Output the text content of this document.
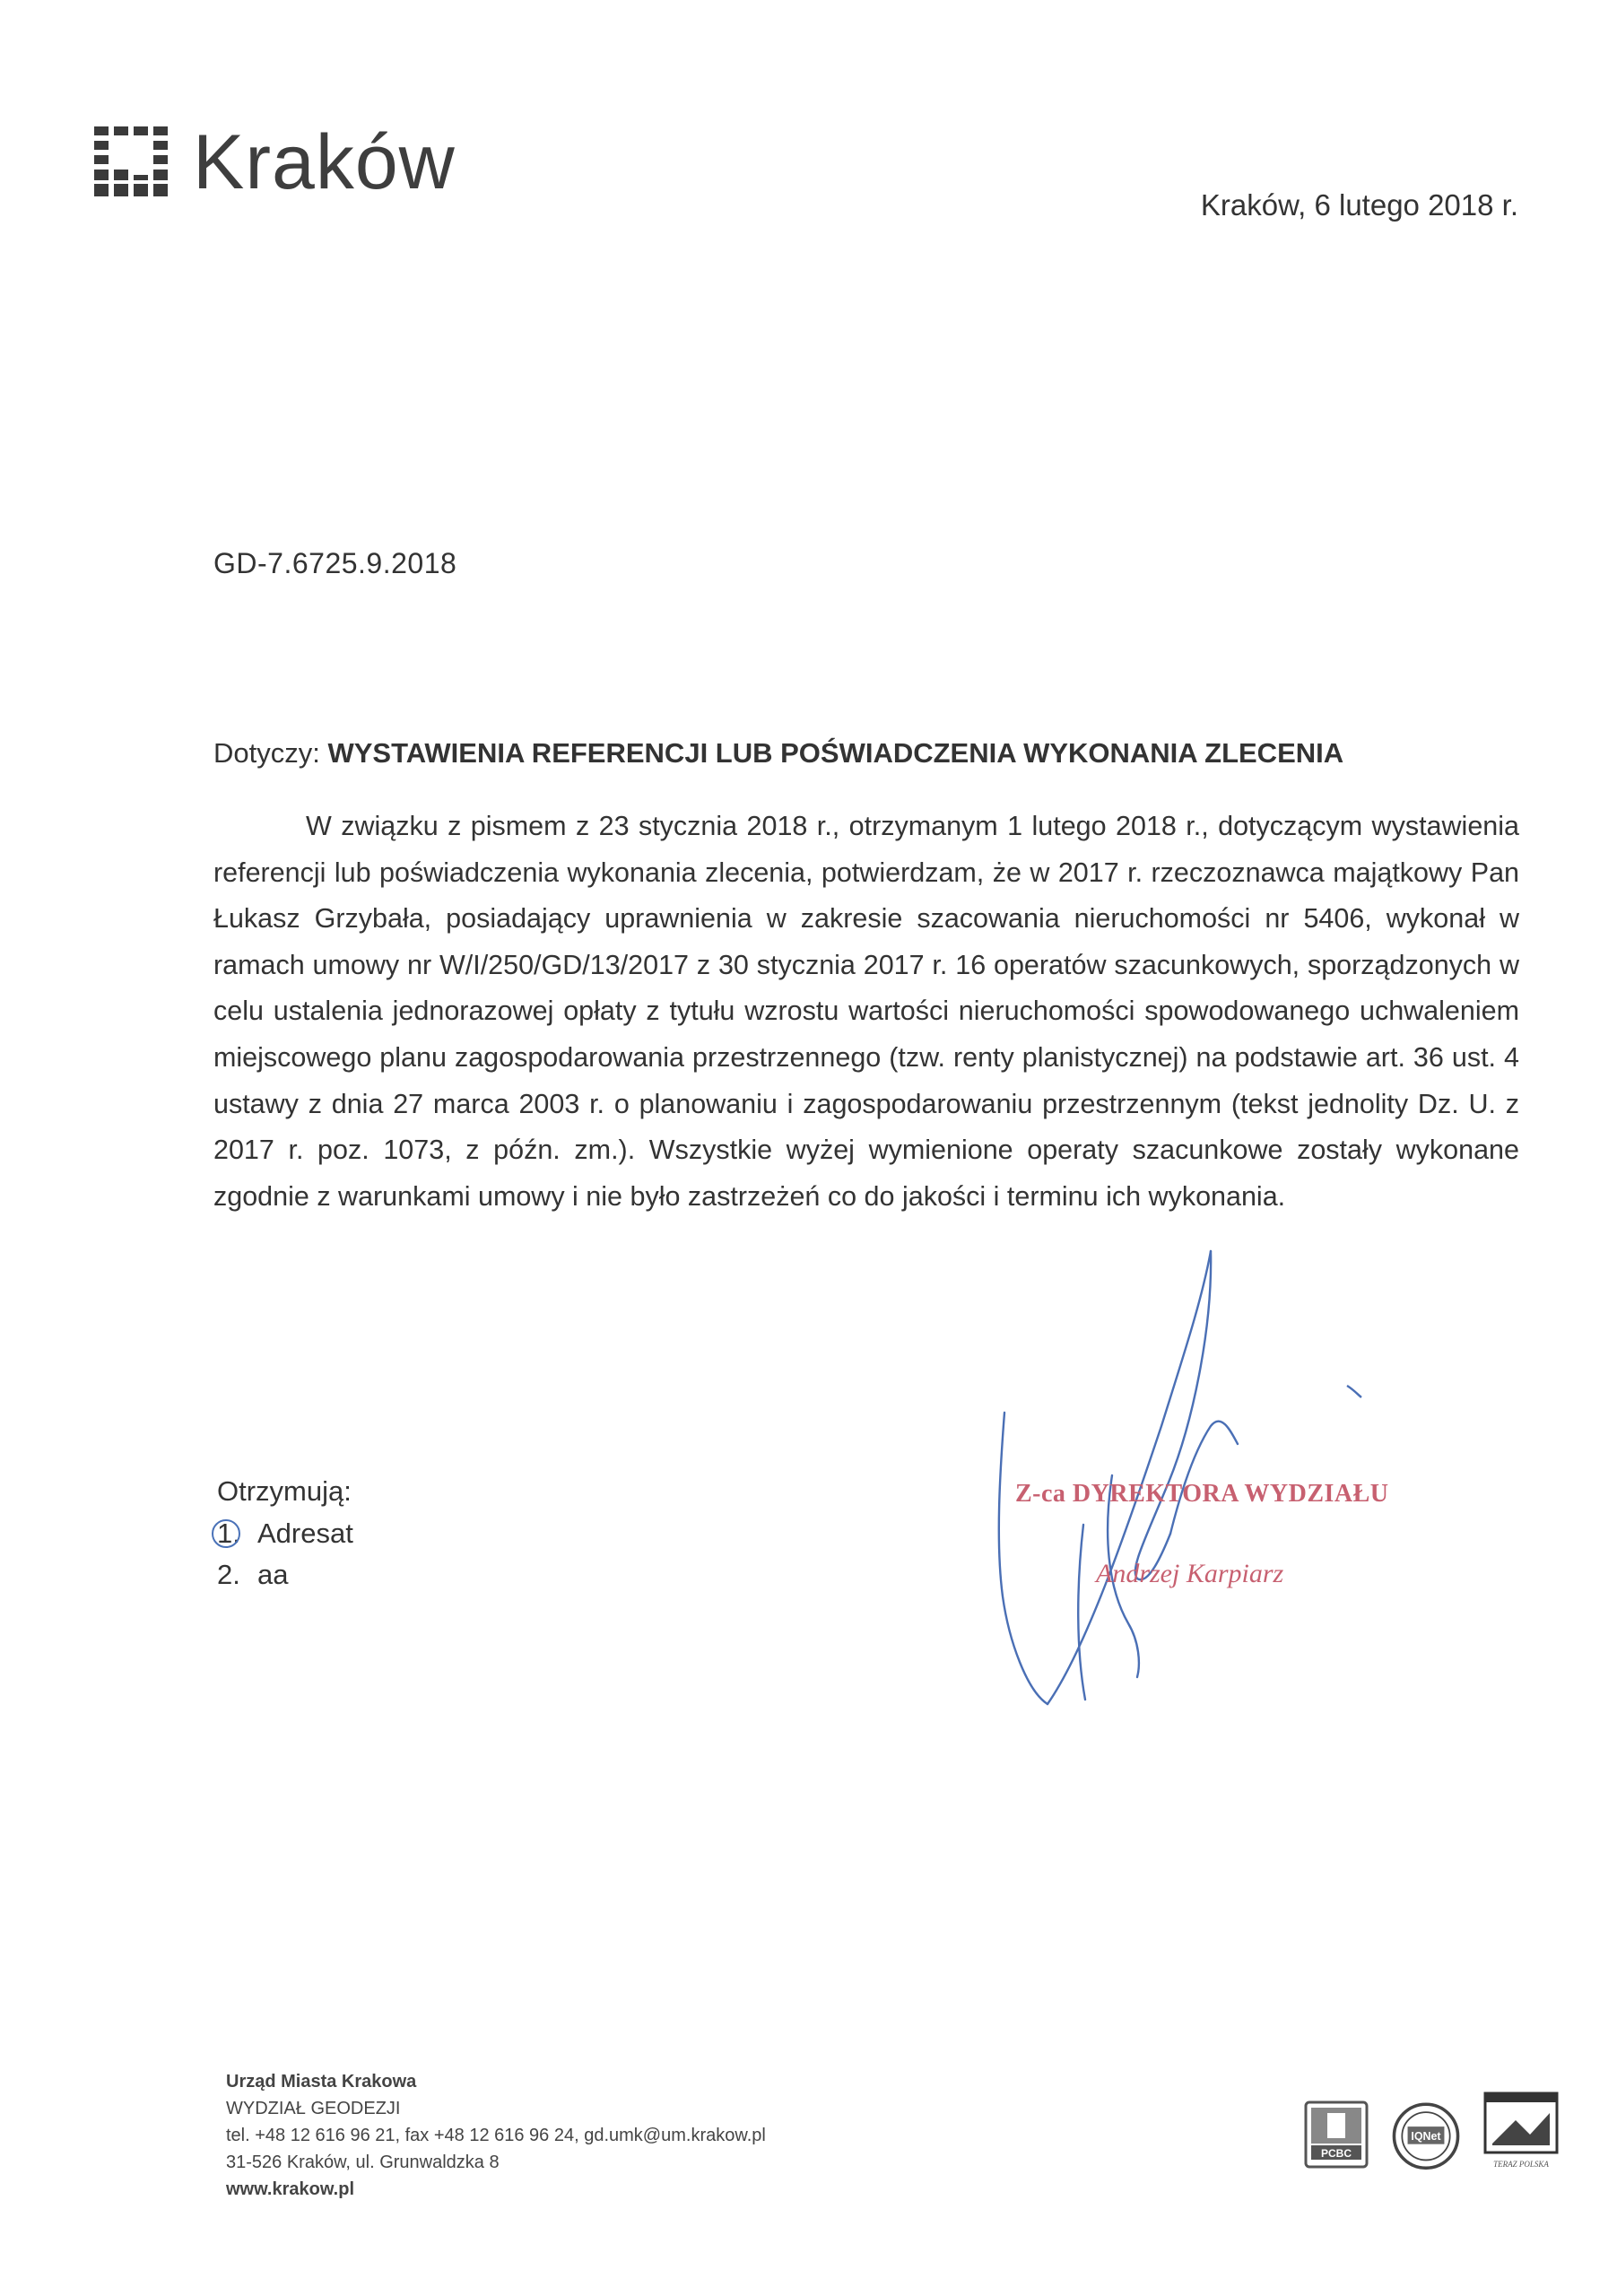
Kraków	Kraków, 6 lutego 2018 r.
GD-7.6725.9.2018
Dotyczy: WYSTAWIENIA REFERENCJI LUB POŚWIADCZENIA WYKONANIA ZLECENIA
W związku z pismem z 23 stycznia 2018 r., otrzymanym 1 lutego 2018 r., dotyczącym wystawienia referencji lub poświadczenia wykonania zlecenia, potwierdzam, że w 2017 r. rzeczoznawca majątkowy Pan Łukasz Grzybała, posiadający uprawnienia w zakresie szacowania nieruchomości nr 5406, wykonał w ramach umowy nr W/I/250/GD/13/2017 z 30 stycznia 2017 r. 16 operatów szacunkowych, sporządzonych w celu ustalenia jednorazowej opłaty z tytułu wzrostu wartości nieruchomości spowodowanego uchwaleniem miejscowego planu zagospodarowania przestrzennego (tzw. renty planistycznej) na podstawie art. 36 ust. 4 ustawy z dnia 27 marca 2003 r. o planowaniu i zagospodarowaniu przestrzennym (tekst jednolity Dz. U. z 2017 r. poz. 1073, z późn. zm.). Wszystkie wyżej wymienione operaty szacunkowe zostały wykonane zgodnie z warunkami umowy i nie było zastrzeżeń co do jakości i terminu ich wykonania.
Z-ca DYREKTORA WYDZIAŁU
Andrzej Karpiarz
Otrzymują:
1. Adresat
2. aa
Urząd Miasta Krakowa
WYDZIAŁ GEODEZJI
tel. +48 12 616 96 21, fax +48 12 616 96 24, gd.umk@um.krakow.pl
31-526 Kraków, ul. Grunwaldzka 8
www.krakow.pl
PCBC
IQNet
TERAZ POLSKA
